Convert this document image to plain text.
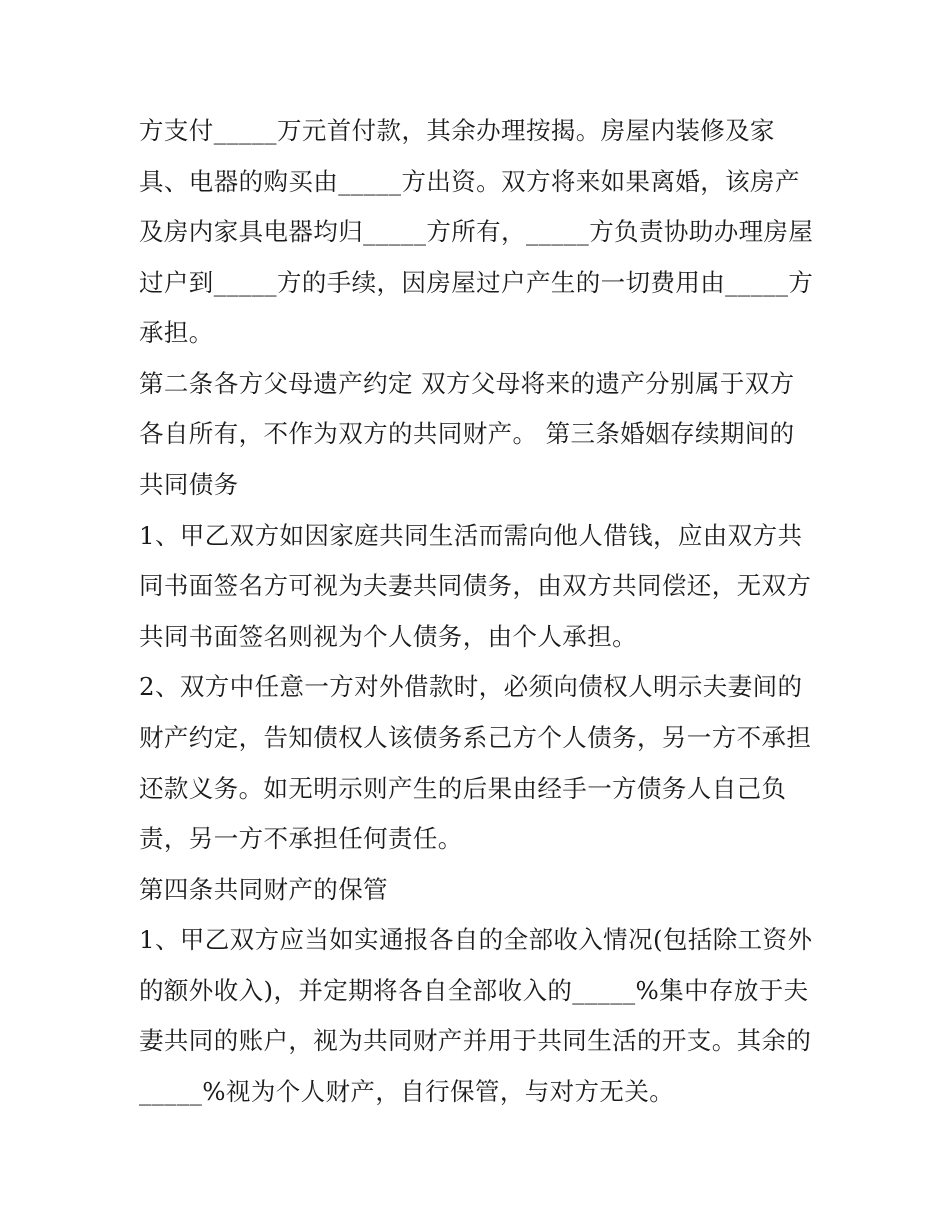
方支付_____万元首付款，其余办理按揭。房屋内装修及家
具、电器的购买由_____方出资。双方将来如果离婚，该房产
及房内家具电器均归_____方所有，_____方负责协助办理房屋
过户到_____方的手续，因房屋过户产生的一切费用由_____方
承担。
第二条各方父母遗产约定 双方父母将来的遗产分别属于双方
各自所有，不作为双方的共同财产。 第三条婚姻存续期间的
共同债务
1、甲乙双方如因家庭共同生活而需向他人借钱，应由双方共
同书面签名方可视为夫妻共同债务，由双方共同偿还，无双方
共同书面签名则视为个人债务，由个人承担。
2、双方中任意一方对外借款时，必须向债权人明示夫妻间的
财产约定，告知债权人该债务系己方个人债务，另一方不承担
还款义务。如无明示则产生的后果由经手一方债务人自己负
责，另一方不承担任何责任。
第四条共同财产的保管
1、甲乙双方应当如实通报各自的全部收入情况(包括除工资外
的额外收入)，并定期将各自全部收入的_____%集中存放于夫
妻共同的账户，视为共同财产并用于共同生活的开支。其余的
_____%视为个人财产，自行保管，与对方无关。
